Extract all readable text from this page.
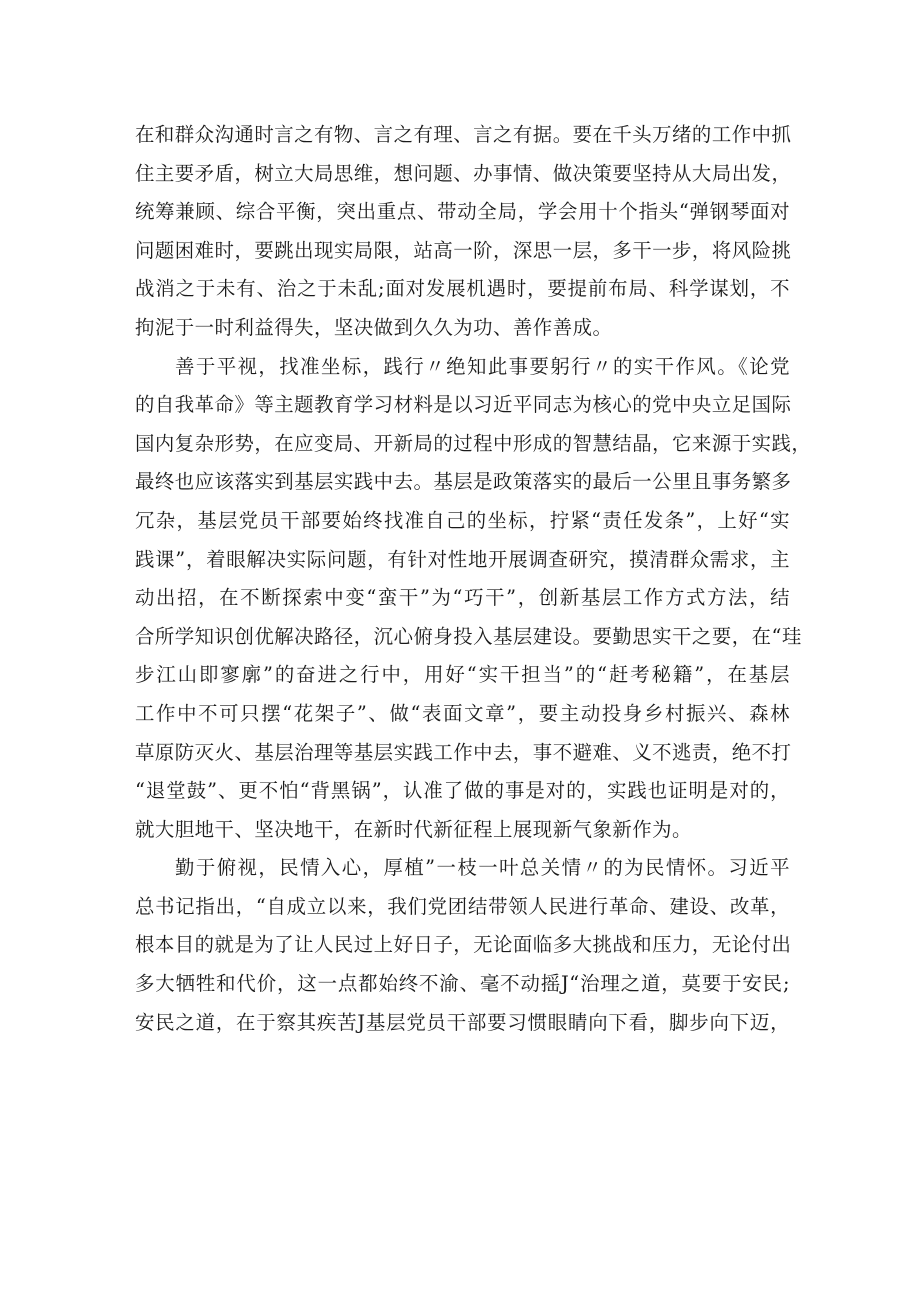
在和群众沟通时言之有物、言之有理、言之有据。要在千头万绪的工作中抓
住主要矛盾，树立大局思维，想问题、办事情、做决策要坚持从大局出发，
统筹兼顾、综合平衡，突出重点、带动全局，学会用十个指头“弹钢琴面对
问题困难时，要跳出现实局限，站高一阶，深思一层，多干一步，将风险挑
战消之于未有、治之于未乱;面对发展机遇时，要提前布局、科学谋划，不
拘泥于一时利益得失，坚决做到久久为功、善作善成。
善于平视，找准坐标，践行〃绝知此事要躬行〃的实干作风。《论党
的自我革命》等主题教育学习材料是以习近平同志为核心的党中央立足国际
国内复杂形势，在应变局、开新局的过程中形成的智慧结晶，它来源于实践，
最终也应该落实到基层实践中去。基层是政策落实的最后一公里且事务繁多
冗杂，基层党员干部要始终找准自己的坐标，拧紧“责任发条”，上好“实
践课”，着眼解决实际问题，有针对性地开展调查研究，摸清群众需求，主
动出招，在不断探索中变“蛮干”为“巧干”，创新基层工作方式方法，结
合所学知识创优解决路径，沉心俯身投入基层建设。要勤思实干之要，在“珪
步江山即寥廓”的奋进之行中，用好“实干担当”的“赶考秘籍”，在基层
工作中不可只摆“花架子”、做“表面文章”，要主动投身乡村振兴、森林
草原防灭火、基层治理等基层实践工作中去，事不避难、义不逃责，绝不打
“退堂鼓”、更不怕“背黑锅”，认准了做的事是对的，实践也证明是对的，
就大胆地干、坚决地干，在新时代新征程上展现新气象新作为。
勤于俯视，民情入心，厚植”一枝一叶总关情〃的为民情怀。习近平
总书记指出，“自成立以来，我们党团结带领人民进行革命、建设、改革，
根本目的就是为了让人民过上好日子，无论面临多大挑战和压力，无论付出
多大牺牲和代价，这一点都始终不渝、毫不动摇J“治理之道，莫要于安民;
安民之道，在于察其疾苦J基层党员干部要习惯眼睛向下看，脚步向下迈，
